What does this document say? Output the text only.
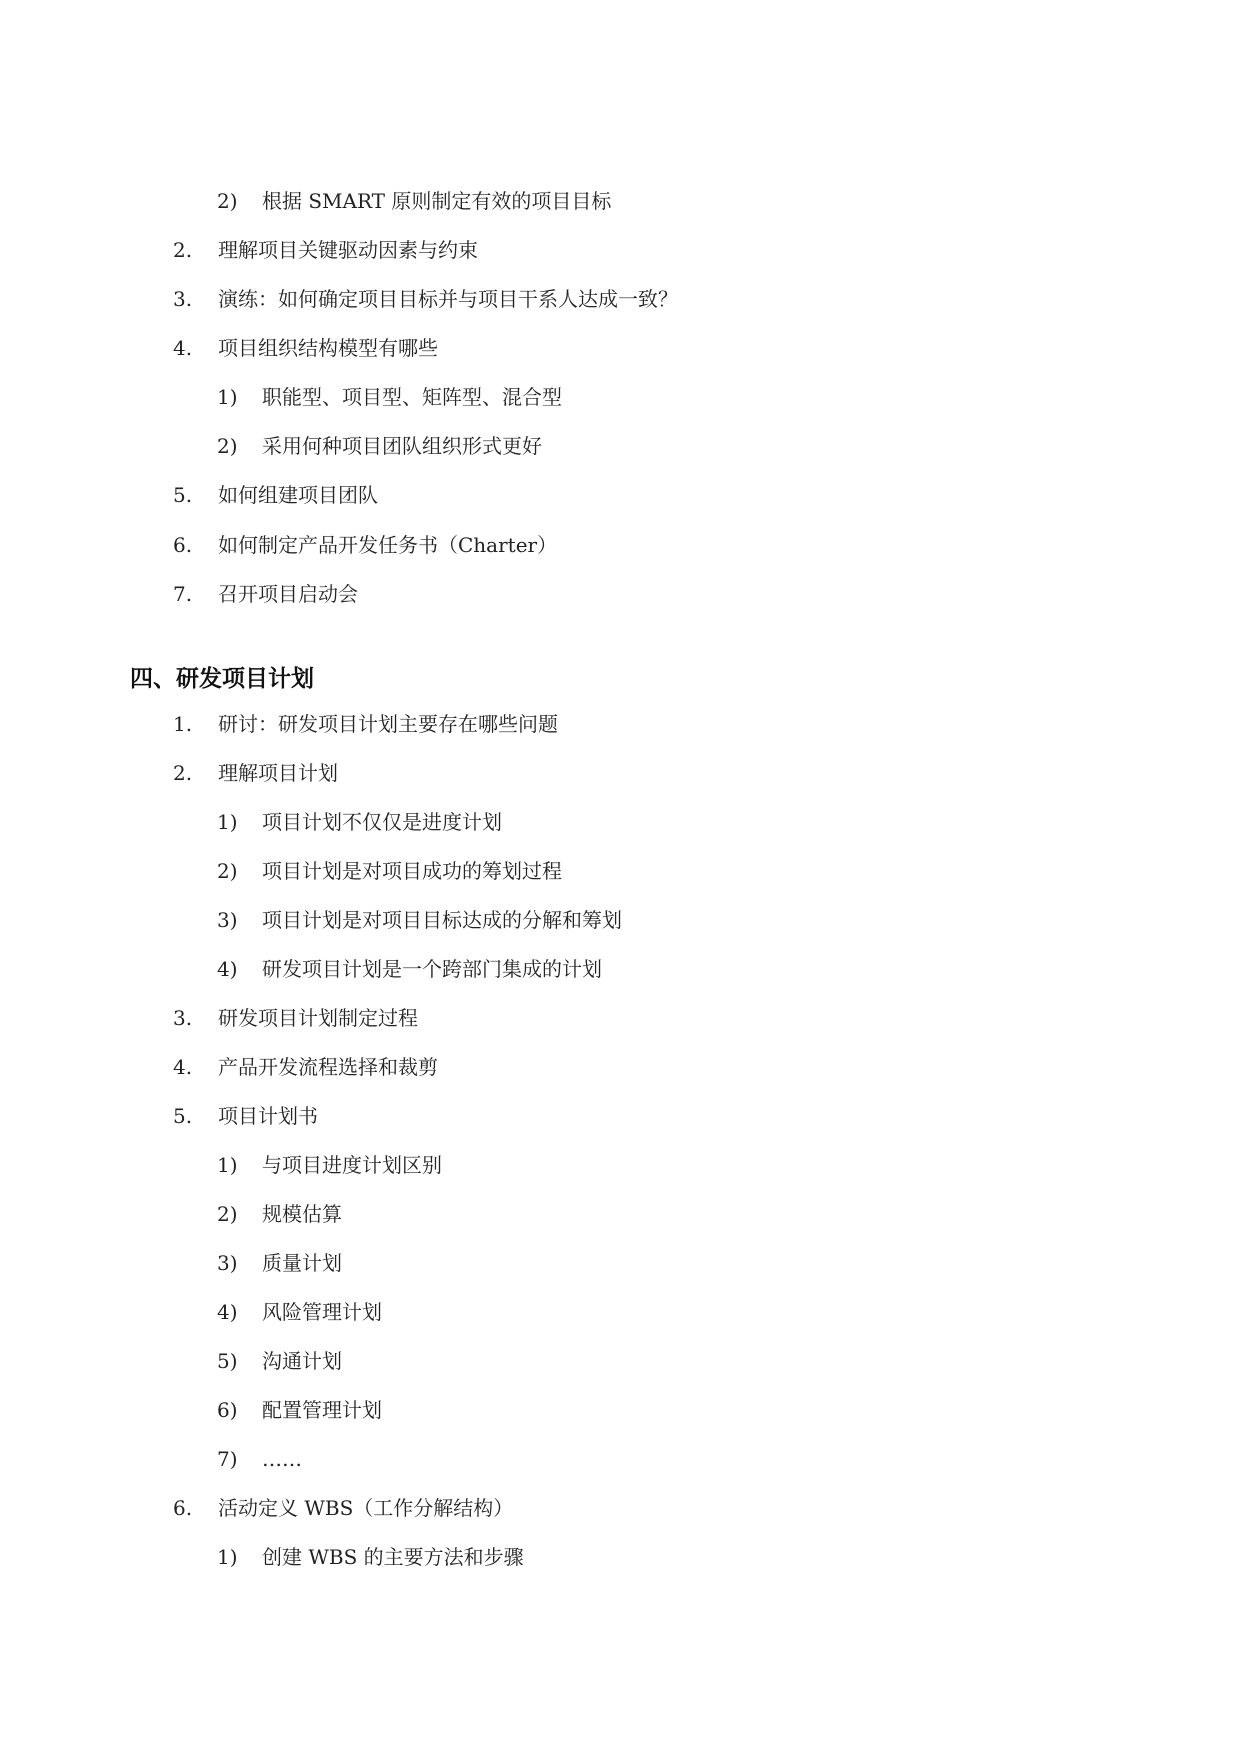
2) 根据 SMART 原则制定有效的项目目标
2. 理解项目关键驱动因素与约束
3. 演练：如何确定项目目标并与项目干系人达成一致？
4. 项目组织结构模型有哪些
1) 职能型、项目型、矩阵型、混合型
2) 采用何种项目团队组织形式更好
5. 如何组建项目团队
6. 如何制定产品开发任务书（Charter）
7. 召开项目启动会
四、研发项目计划
1. 研讨：研发项目计划主要存在哪些问题
2. 理解项目计划
1) 项目计划不仅仅是进度计划
2) 项目计划是对项目成功的筹划过程
3) 项目计划是对项目目标达成的分解和筹划
4) 研发项目计划是一个跨部门集成的计划
3. 研发项目计划制定过程
4. 产品开发流程选择和裁剪
5. 项目计划书
1) 与项目进度计划区别
2) 规模估算
3) 质量计划
4) 风险管理计划
5) 沟通计划
6) 配置管理计划
7) ……
6. 活动定义 WBS（工作分解结构）
1) 创建 WBS 的主要方法和步骤
